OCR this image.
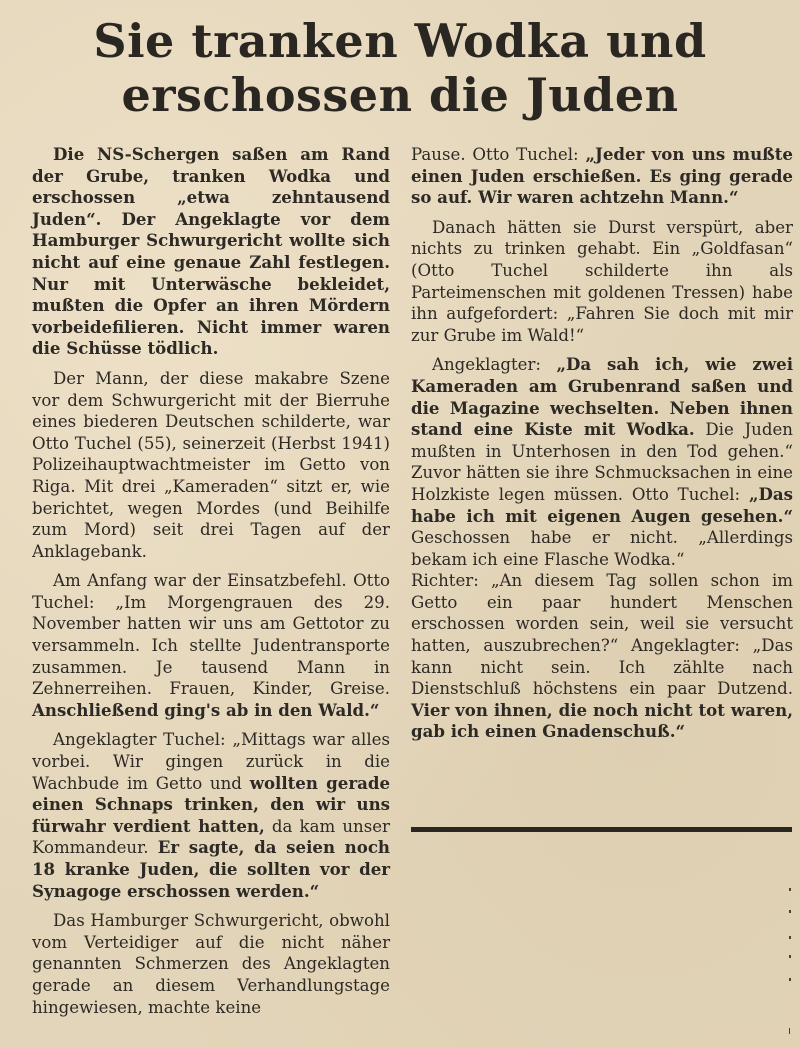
Sie tranken Wodka und
erschossen die Juden

Die NS-Schergen saßen am Rand der Grube, tranken Wodka und erschossen „etwa zehntausend Juden“. Der Angeklagte vor dem Hamburger Schwurgericht wollte sich nicht auf eine genaue Zahl festlegen. Nur mit Unterwäsche bekleidet, mußten die Opfer an ihren Mördern vorbeidefilieren. Nicht immer waren die Schüsse tödlich.

Der Mann, der diese makabre Szene vor dem Schwurgericht mit der Bierruhe eines biederen Deutschen schilderte, war Otto Tuchel (55), seinerzeit (Herbst 1941) Polizeihauptwachtmeister im Getto von Riga. Mit drei „Kameraden“ sitzt er, wie berichtet, wegen Mordes (und Beihilfe zum Mord) seit drei Tagen auf der Anklagebank.

Am Anfang war der Einsatzbefehl. Otto Tuchel: „Im Morgengrauen des 29. November hatten wir uns am Gettotor zu versammeln. Ich stellte Judentransporte zusammen. Je tausend Mann in Zehnerreihen. Frauen, Kinder, Greise. Anschließend ging's ab in den Wald.“

Angeklagter Tuchel: „Mittags war alles vorbei. Wir gingen zurück in die Wachbude im Getto und wollten gerade einen Schnaps trinken, den wir uns fürwahr verdient hatten, da kam unser Kommandeur. Er sagte, da seien noch 18 kranke Juden, die sollten vor der Synagoge erschossen werden.“

Das Hamburger Schwurgericht, obwohl vom Verteidiger auf die nicht näher genannten Schmerzen des Angeklagten gerade an diesem Verhandlungstage hingewiesen, machte keine

Pause. Otto Tuchel: „Jeder von uns mußte einen Juden erschießen. Es ging gerade so auf. Wir waren achtzehn Mann.“

Danach hätten sie Durst verspürt, aber nichts zu trinken gehabt. Ein „Goldfasan“ (Otto Tuchel schilderte ihn als Parteimenschen mit goldenen Tressen) habe ihn aufgefordert: „Fahren Sie doch mit mir zur Grube im Wald!“

Angeklagter: „Da sah ich, wie zwei Kameraden am Grubenrand saßen und die Magazine wechselten. Neben ihnen stand eine Kiste mit Wodka. Die Juden mußten in Unterhosen in den Tod gehen.“ Zuvor hätten sie ihre Schmucksachen in eine Holzkiste legen müssen. Otto Tuchel: „Das habe ich mit eigenen Augen gesehen.“ Geschossen habe er nicht. „Allerdings bekam ich eine Flasche Wodka.“

Richter: „An diesem Tag sollen schon im Getto ein paar hundert Menschen erschossen worden sein, weil sie versucht hatten, auszubrechen?“ Angeklagter: „Das kann nicht sein. Ich zählte nach Dienstschluß höchstens ein paar Dutzend. Vier von ihnen, die noch nicht tot waren, gab ich einen Gnadenschuß.“
